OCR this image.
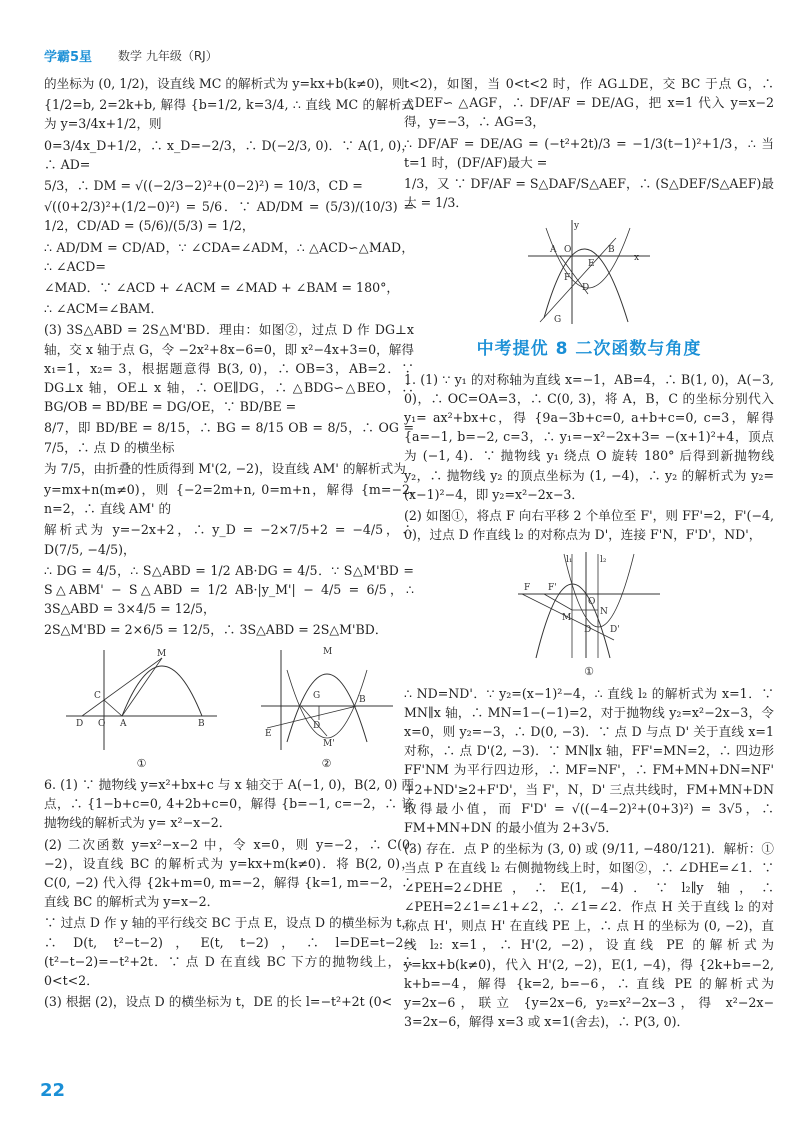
学霸5星 数学 九年级（RJ）

的坐标为 (0, 1/2)，设直线 MC 的解析式为 y=kx+b(k≠0)，则

{1/2=b, 2=2k+b, 解得 {b=1/2, k=3/4, ∴ 直线 MC 的解析式为 y=3/4x+1/2，则

0=3/4x_D+1/2，∴ x_D=−2/3，∴ D(−2/3, 0)．∵ A(1, 0)，∴ AD=

5/3，∴ DM = √((−2/3−2)²+(0−2)²) = 10/3，CD =

√((0+2/3)²+(1/2−0)²) = 5/6．∵ AD/DM = (5/3)/(10/3) = 1/2，CD/AD = (5/6)/(5/3) = 1/2，

∴ AD/DM = CD/AD，∵ ∠CDA=∠ADM，∴ △ACD∽△MAD，∴ ∠ACD=

∠MAD．∵ ∠ACD + ∠ACM = ∠MAD + ∠BAM = 180°，

∴ ∠ACM=∠BAM．

(3) 3S△ABD = 2S△M'BD．理由：如图②，过点 D 作 DG⊥x 轴，交 x 轴于点 G，令 −2x²+8x−6=0，即 x²−4x+3=0，解得 x₁=1，x₂= 3，根据题意得 B(3, 0)，∴ OB=3，AB=2．∵ DG⊥x 轴，OE⊥ x 轴，∴ OE∥DG，∴ △BDG∽△BEO，∴ BG/OB = BD/BE = DG/OE，∵ BD/BE =

8/7，即 BD/BE = 8/15，∴ BG = 8/15 OB = 8/5，∴ OG = 7/5，∴ 点 D 的横坐标

为 7/5，由折叠的性质得到 M'(2, −2)，设直线 AM' 的解析式为

y=mx+n(m≠0)，则 {−2=2m+n, 0=m+n，解得 {m=−2, n=2，∴ 直线 AM' 的

解析式为 y=−2x+2，∴ y_D = −2×7/5+2 = −4/5，∴ D(7/5, −4/5)，

∴ DG = 4/5，∴ S△ABD = 1/2 AB·DG = 4/5．∵ S△M'BD = S△ABM' − S△ABD = 1/2 AB·|y_M'| − 4/5 = 6/5，∴ 3S△ABD = 3×4/5 = 12/5，

2S△M'BD = 2×6/5 = 12/5，∴ 3S△ABD = 2S△M'BD．

M
C
D	A
O	B
①
M
G
D
E
M'
B
②

6. (1) ∵ 抛物线 y=x²+bx+c 与 x 轴交于 A(−1, 0)，B(2, 0) 两点，∴ {1−b+c=0, 4+2b+c=0，解得 {b=−1, c=−2，∴ 该抛物线的解析式为 y= x²−x−2．

(2) 二次函数 y=x²−x−2 中，令 x=0，则 y=−2，∴ C(0, −2)，设直线 BC 的解析式为 y=kx+m(k≠0)．将 B(2, 0)，C(0, −2) 代入得 {2k+m=0, m=−2，解得 {k=1, m=−2，∴ 直线 BC 的解析式为 y=x−2．

∵ 过点 D 作 y 轴的平行线交 BC 于点 E，设点 D 的横坐标为 t，∴ D(t, t²−t−2)，E(t, t−2)，∴ l=DE=t−2−(t²−t−2)=−t²+2t．∵ 点 D 在直线 BC 下方的抛物线上，∴ 0<t<2．

(3) 根据 (2)，设点 D 的横坐标为 t，DE 的长 l=−t²+2t (0<

t<2)，如图，当 0<t<2 时，作 AG⊥DE，交 BC 于点 G，∴ △DEF∽ △AGF，∴ DF/AF = DE/AG，把 x=1 代入 y=x−2 得，y=−3，∴ AG=3，

∴ DF/AF = DE/AG = (−t²+2t)/3 = −1/3(t−1)²+1/3，∴ 当 t=1 时，(DF/AF)最大 =

1/3，又 ∵ DF/AF = S△DAF/S△AEF，∴ (S△DEF/S△AEF)最大 = 1/3．

A O	B
E
D
G
F
x
y
中考提优 8 二次函数与角度

1. (1) ∵ y₁ 的对称轴为直线 x=−1，AB=4，∴ B(1, 0)，A(−3, 0)，∴ OC=OA=3，∴ C(0, 3)，将 A，B，C 的坐标分别代入 y₁= ax²+bx+c，得 {9a−3b+c=0, a+b+c=0, c=3，解得 {a=−1, b=−2, c=3，∴ y₁=−x²−2x+3= −(x+1)²+4，顶点为 (−1, 4)．∵ 抛物线 y₁ 绕点 O 旋转 180° 后得到新抛物线 y₂，∴ 抛物线 y₂ 的顶点坐标为 (1, −4)，∴ y₂ 的解析式为 y₂=(x−1)²−4，即 y₂=x²−2x−3．

(2) 如图①，将点 F 向右平移 2 个单位至 F'，则 FF'=2，F'(−4, 0)，过点 D 作直线 l₂ 的对称点为 D'，连接 F'N，F'D'，ND'，

F F'
O
N
M
D D'
l₁	l₂
①

∴ ND=ND'．∵ y₂=(x−1)²−4，∴ 直线 l₂ 的解析式为 x=1．∵ MN∥x 轴，∴ MN=1−(−1)=2，对于抛物线 y₂=x²−2x−3，令 x=0，则 y₂=−3，∴ D(0, −3)．∵ 点 D 与点 D' 关于直线 x=1 对称，∴ 点 D'(2, −3)．∵ MN∥x 轴，FF'=MN=2，∴ 四边形 FF'NM 为平行四边形，∴ MF=NF'，∴ FM+MN+DN=NF' +2+ND'≥2+F'D'，当 F'，N，D' 三点共线时，FM+MN+DN 取得最小值，而 F'D' = √((−4−2)²+(0+3)²) = 3√5，∴ FM+MN+DN 的最小值为 2+3√5．

(3) 存在．点 P 的坐标为 (3, 0) 或 (9/11, −480/121)．解析：① 当点 P 在直线 l₂ 右侧抛物线上时，如图②，∴ ∠DHE=∠1．∵ ∠PEH=2∠DHE，∴ E(1, −4)．∵ l₂∥y 轴，∴ ∠PEH=2∠1=∠1+∠2，∴ ∠1=∠2．作点 H 关于直线 l₂ 的对称点 H'，则点 H' 在直线 PE 上，∴ 点 H 的坐标为 (0, −2)，直线 l₂: x=1，∴ H'(2, −2)，设直线 PE 的解析式为 y=kx+b(k≠0)，代入 H'(2, −2)，E(1, −4)，得 {2k+b=−2, k+b=−4，解得 {k=2, b=−6，∴ 直线 PE 的解析式为 y=2x−6，联立 {y=2x−6, y₂=x²−2x−3，得 x²−2x− 3=2x−6，解得 x=3 或 x=1(舍去)，∴ P(3, 0)．

22
